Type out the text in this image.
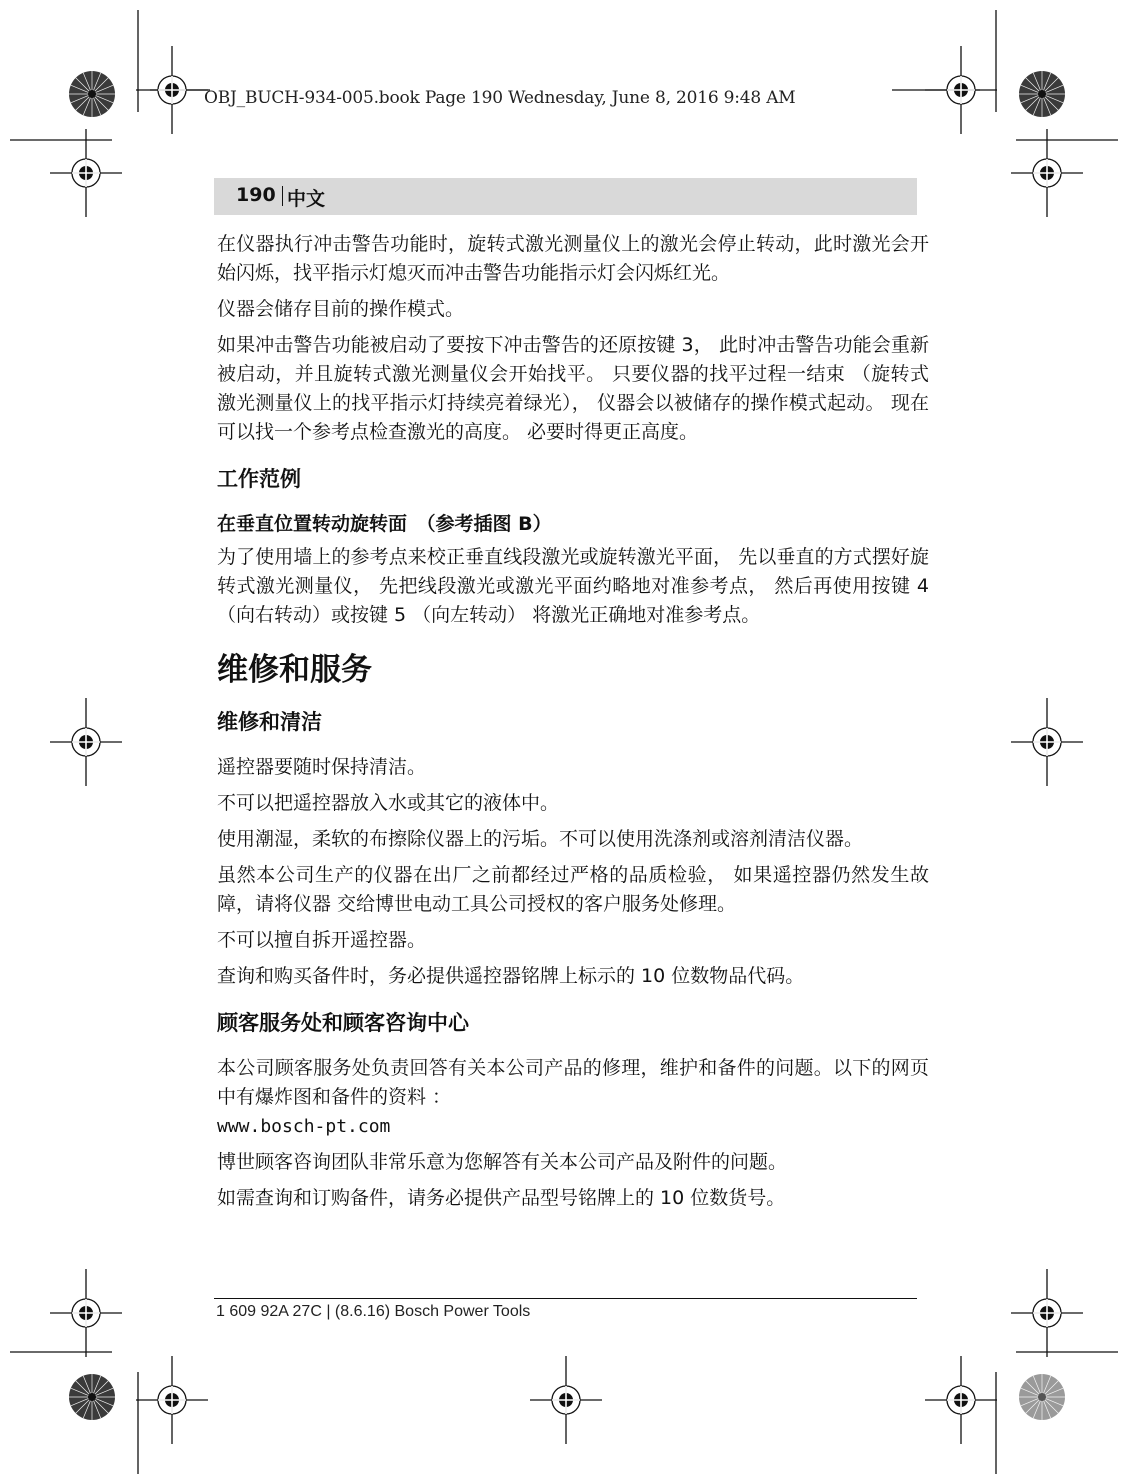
OBJ_BUCH-934-005.book Page 190 Wednesday, June 8, 2016 9:48 AM
190 中文

在仪器执行冲击警告功能时，旋转式激光测量仪上的激光会停止转动，此时激光会开始闪烁，找平指示灯熄灭而冲击警告功能指示灯会闪烁红光。

仪器会储存目前的操作模式。

如果冲击警告功能被启动了要按下冲击警告的还原按键 3， 此时冲击警告功能会重新被启动，并且旋转式激光测量仪会开始找平。 只要仪器的找平过程一结束 （旋转式激光测量仪上的找平指示灯持续亮着绿光）， 仪器会以被储存的操作模式起动。 现在可以找一个参考点检查激光的高度。 必要时得更正高度。

工作范例
在垂直位置转动旋转面　（参考插图 B）

为了使用墙上的参考点来校正垂直线段激光或旋转激光平面， 先以垂直的方式摆好旋转式激光测量仪， 先把线段激光或激光平面约略地对准参考点， 然后再使用按键 4 （向右转动）或按键 5 （向左转动） 将激光正确地对准参考点。

维修和服务
维修和清洁

遥控器要随时保持清洁。

不可以把遥控器放入水或其它的液体中。

使用潮湿，柔软的布擦除仪器上的污垢。不可以使用洗涤剂或溶剂清洁仪器。

虽然本公司生产的仪器在出厂之前都经过严格的品质检验， 如果遥控器仍然发生故障，请将仪器 交给博世电动工具公司授权的客户服务处修理。

不可以擅自拆开遥控器。

查询和购买备件时，务必提供遥控器铭牌上标示的 10 位数物品代码。

顾客服务处和顾客咨询中心

本公司顾客服务处负责回答有关本公司产品的修理，维护和备件的问题。以下的网页中有爆炸图和备件的资料 ：

www.bosch-pt.com

博世顾客咨询团队非常乐意为您解答有关本公司产品及附件的问题。

如需查询和订购备件，请务必提供产品型号铭牌上的 10 位数货号。

1 609 92A 27C | (8.6.16) Bosch Power Tools
